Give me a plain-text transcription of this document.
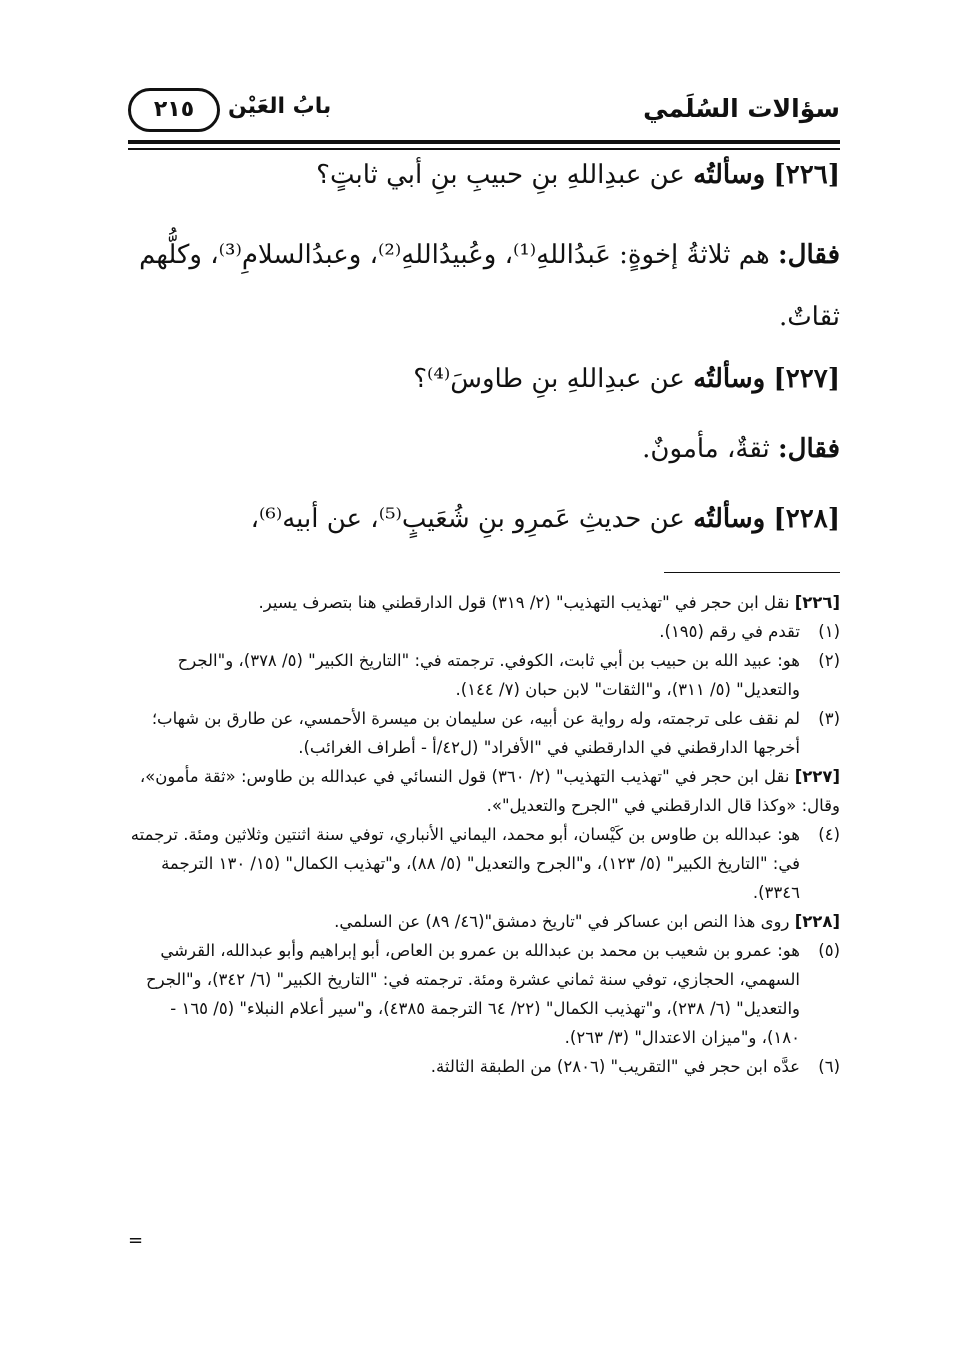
سؤالات السُلَمي
بابُ العَيْن
٢١٥
[٢٢٦] وسألتُه عن عبدِاللهِ بنِ حبيبِ بنِ أبي ثابتٍ؟
فقال: هم ثلاثةُ إخوةٍ: عَبدُاللهِ⁽¹⁾، وعُبيدُاللهِ⁽²⁾، وعبدُالسلامِ⁽³⁾، وكلُّهم ثقاتٌ.
[٢٢٧] وسألتُه عن عبدِاللهِ بنِ طاوسَ⁽⁴⁾؟
فقال: ثقةٌ، مأمونٌ.
[٢٢٨] وسألتُه عن حديثِ عَمرِو بنِ شُعَيبٍ⁽⁵⁾، عن أبيه⁽⁶⁾،
[٢٢٦] نقل ابن حجر في "تهذيب التهذيب" (٢/ ٣١٩) قول الدارقطني هنا بتصرف يسير.
(١)
تقدم في رقم (١٩٥).
(٢)
هو: عبيد الله بن حبيب بن أبي ثابت، الكوفي. ترجمته في: "التاريخ الكبير" (٥/ ٣٧٨)، و"الجرح والتعديل" (٥/ ٣١١)، و"الثقات" لابن حبان (٧/ ١٤٤).
(٣)
لم نقف على ترجمته، وله رواية عن أبيه، عن سليمان بن ميسرة الأحمسي، عن طارق بن شهاب؛ أخرجها الدارقطني في الدارقطني في "الأفراد" (ل٤٢/أ - أطراف الغرائب).
[٢٢٧] نقل ابن حجر في "تهذيب التهذيب" (٢/ ٣٦٠) قول النسائي في عبدالله بن طاوس: «ثقة مأمون»، وقال: «وكذا قال الدارقطني في "الجرح والتعديل"».
(٤)
هو: عبدالله بن طاوس بن كَيْسان، أبو محمد، اليماني الأنباري، توفي سنة اثنتين وثلاثين ومئة. ترجمته في: "التاريخ الكبير" (٥/ ١٢٣)، و"الجرح والتعديل" (٥/ ٨٨)، و"تهذيب الكمال" (١٥/ ١٣٠ الترجمة ٣٣٤٦).
[٢٢٨] روى هذا النص ابن عساكر في "تاريخ دمشق"(٤٦/ ٨٩) عن السلمي.
(٥)
هو: عمرو بن شعيب بن محمد بن عبدالله بن عمرو بن العاص، أبو إبراهيم وأبو عبدالله، القرشي السهمي، الحجازي، توفي سنة ثماني عشرة ومئة. ترجمته في: "التاريخ الكبير" (٦/ ٣٤٢)، و"الجرح والتعديل" (٦/ ٢٣٨)، و"تهذيب الكمال" (٢٢/ ٦٤ الترجمة ٤٣٨٥)، و"سير أعلام النبلاء" (٥/ ١٦٥ - ١٨٠)، و"ميزان الاعتدال" (٣/ ٢٦٣).
(٦)
عدَّه ابن حجر في "التقريب" (٢٨٠٦) من الطبقة الثالثة.
=
